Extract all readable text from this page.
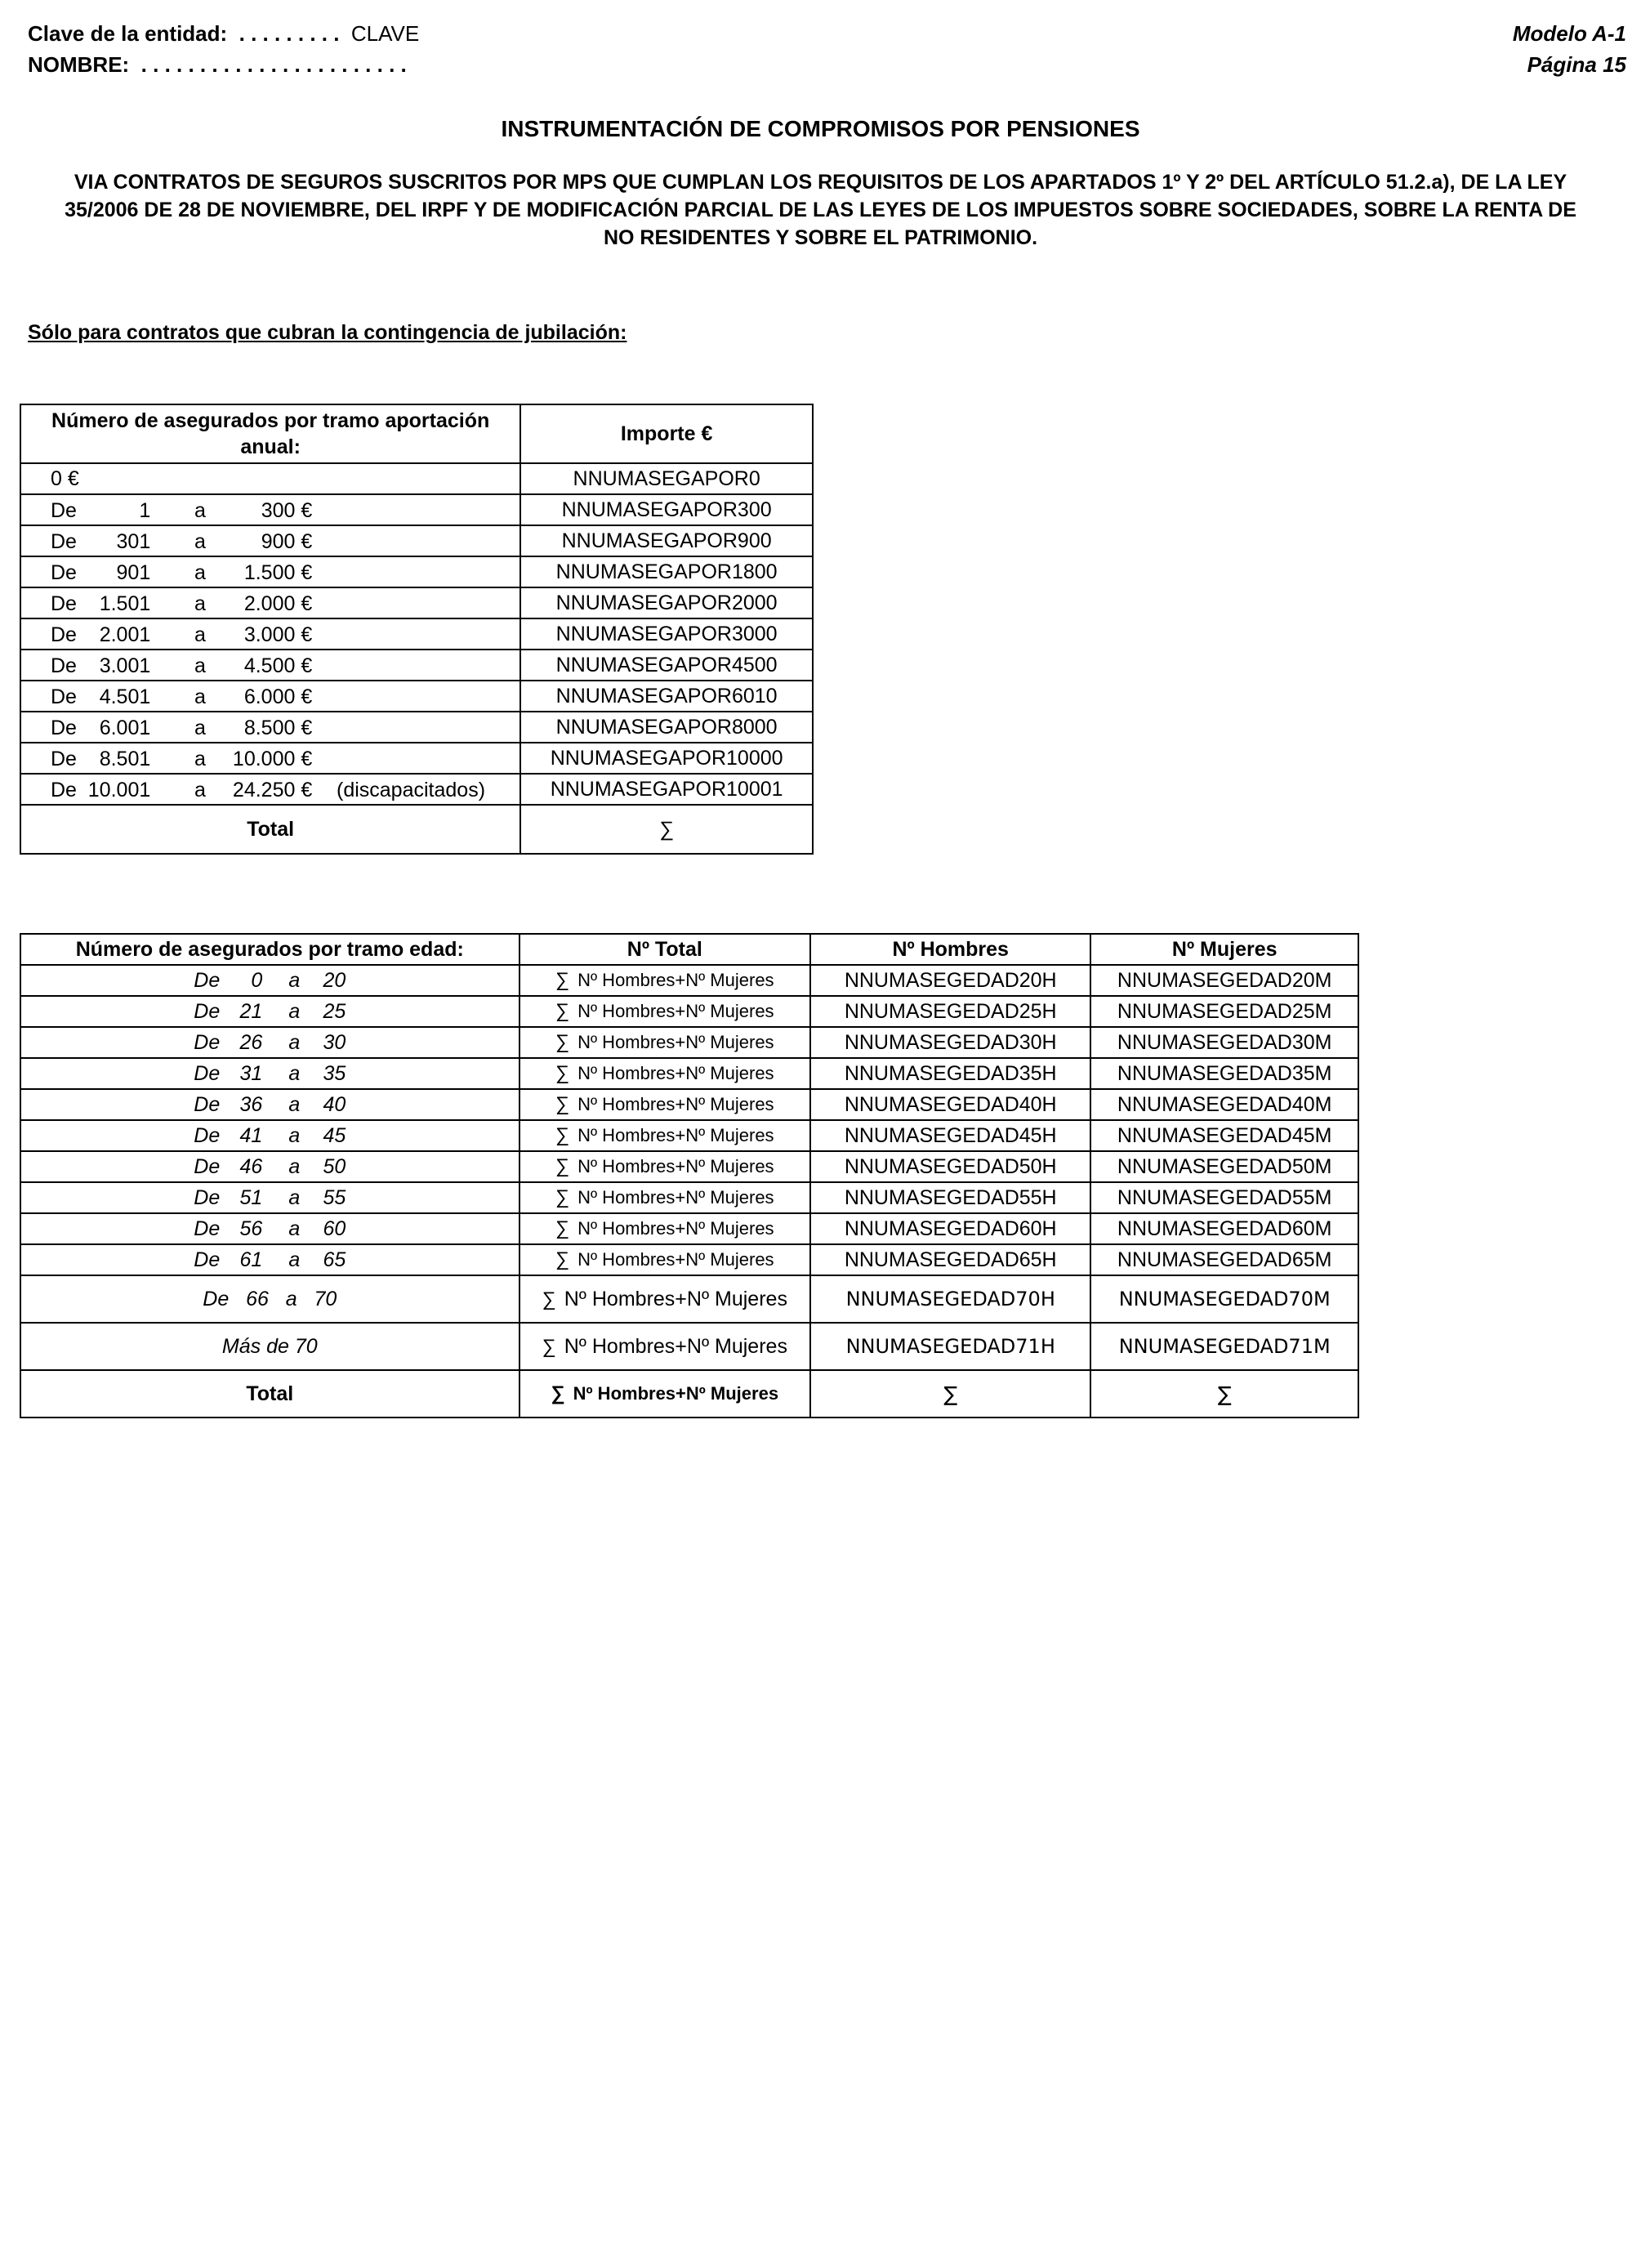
Clave de la entidad: . . . . . . . . . CLAVE
NOMBRE: . . . . . . . . . . . . . . . . . . . . . . .
Modelo A-1
Página 15
INSTRUMENTACIÓN DE COMPROMISOS POR PENSIONES
VIA CONTRATOS DE SEGUROS SUSCRITOS POR MPS QUE CUMPLAN LOS REQUISITOS DE LOS APARTADOS 1º Y 2º DEL ARTÍCULO 51.2.a), DE LA LEY 35/2006 DE 28 DE NOVIEMBRE, DEL IRPF Y DE MODIFICACIÓN PARCIAL DE LAS LEYES DE LOS IMPUESTOS SOBRE SOCIEDADES, SOBRE LA RENTA DE NO RESIDENTES Y SOBRE EL PATRIMONIO.
Sólo para contratos que cubran la contingencia de jubilación:
Número de asegurados por tramo aportación anual:	Importe €
0 €	NNUMASEGAPOR0

De 1 a 300 €	NNUMASEGAPOR300

De 301 a 900 €	NNUMASEGAPOR900

De 901 a 1.500 €	NNUMASEGAPOR1800

De 1.501 a 2.000 €	NNUMASEGAPOR2000

De 2.001 a 3.000 €	NNUMASEGAPOR3000

De 3.001 a 4.500 €	NNUMASEGAPOR4500

De 4.501 a 6.000 €	NNUMASEGAPOR6010

De 6.001 a 8.500 €	NNUMASEGAPOR8000

De 8.501 a 10.000 €	NNUMASEGAPOR10000

De 10.001 a 24.250 € (discapacitados)	NNUMASEGAPOR10001
Total	∑
Número de asegurados por tramo edad:	Nº Total	Nº Hombres	Nº Mujeres
De 0 a 20	∑ Nº Hombres+Nº Mujeres	NNUMASEGEDAD20H	NNUMASEGEDAD20M
De 21 a 25	∑ Nº Hombres+Nº Mujeres	NNUMASEGEDAD25H	NNUMASEGEDAD25M
De 26 a 30	∑ Nº Hombres+Nº Mujeres	NNUMASEGEDAD30H	NNUMASEGEDAD30M
De 31 a 35	∑ Nº Hombres+Nº Mujeres	NNUMASEGEDAD35H	NNUMASEGEDAD35M
De 36 a 40	∑ Nº Hombres+Nº Mujeres	NNUMASEGEDAD40H	NNUMASEGEDAD40M
De 41 a 45	∑ Nº Hombres+Nº Mujeres	NNUMASEGEDAD45H	NNUMASEGEDAD45M
De 46 a 50	∑ Nº Hombres+Nº Mujeres	NNUMASEGEDAD50H	NNUMASEGEDAD50M
De 51 a 55	∑ Nº Hombres+Nº Mujeres	NNUMASEGEDAD55H	NNUMASEGEDAD55M
De 56 a 60	∑ Nº Hombres+Nº Mujeres	NNUMASEGEDAD60H	NNUMASEGEDAD60M
De 61 a 65	∑ Nº Hombres+Nº Mujeres	NNUMASEGEDAD65H	NNUMASEGEDAD65M
De 66 a 70	∑ Nº Hombres+Nº Mujeres	NNUMASEGEDAD70H	NNUMASEGEDAD70M
Más de 70	∑ Nº Hombres+Nº Mujeres	NNUMASEGEDAD71H	NNUMASEGEDAD71M
Total	∑ Nº Hombres+Nº Mujeres	∑	∑
